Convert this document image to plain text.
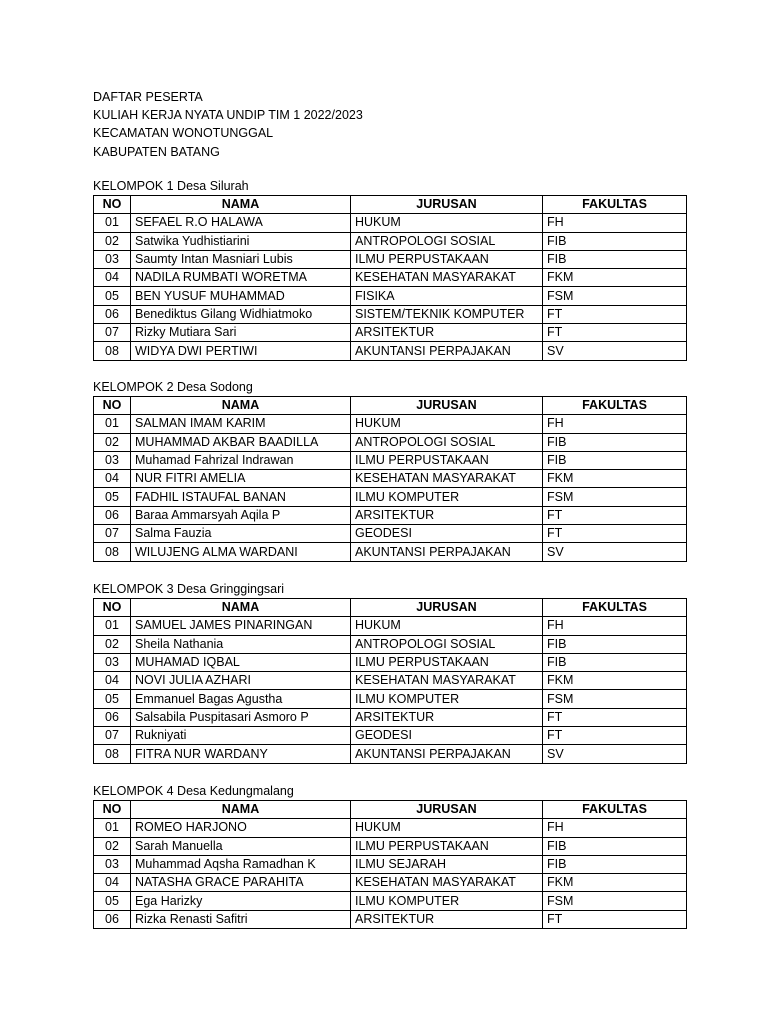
DAFTAR PESERTA
KULIAH KERJA NYATA UNDIP TIM 1 2022/2023
KECAMATAN WONOTUNGGAL
KABUPATEN BATANG
KELOMPOK 1 Desa Silurah
NO	NAMA	JURUSAN	FAKULTAS
01	SEFAEL R.O HALAWA	HUKUM	FH
02	Satwika Yudhistiarini	ANTROPOLOGI SOSIAL	FIB
03	Saumty Intan Masniari Lubis	ILMU PERPUSTAKAAN	FIB
04	NADILA RUMBATI WORETMA	KESEHATAN MASYARAKAT	FKM
05	BEN YUSUF MUHAMMAD	FISIKA	FSM
06	Benediktus Gilang Widhiatmoko	SISTEM/TEKNIK KOMPUTER	FT
07	Rizky Mutiara Sari	ARSITEKTUR	FT
08	WIDYA DWI PERTIWI	AKUNTANSI PERPAJAKAN	SV
KELOMPOK 2 Desa Sodong
NO	NAMA	JURUSAN	FAKULTAS
01	SALMAN IMAM KARIM	HUKUM	FH
02	MUHAMMAD AKBAR BAADILLA	ANTROPOLOGI SOSIAL	FIB
03	Muhamad Fahrizal Indrawan	ILMU PERPUSTAKAAN	FIB
04	NUR FITRI AMELIA	KESEHATAN MASYARAKAT	FKM
05	FADHIL ISTAUFAL BANAN	ILMU KOMPUTER	FSM
06	Baraa Ammarsyah Aqila P	ARSITEKTUR	FT
07	Salma Fauzia	GEODESI	FT
08	WILUJENG ALMA WARDANI	AKUNTANSI PERPAJAKAN	SV
KELOMPOK 3 Desa Gringgingsari
NO	NAMA	JURUSAN	FAKULTAS
01	SAMUEL JAMES PINARINGAN	HUKUM	FH
02	Sheila Nathania	ANTROPOLOGI SOSIAL	FIB
03	MUHAMAD IQBAL	ILMU PERPUSTAKAAN	FIB
04	NOVI JULIA AZHARI	KESEHATAN MASYARAKAT	FKM
05	Emmanuel Bagas Agustha	ILMU KOMPUTER	FSM
06	Salsabila Puspitasari Asmoro P	ARSITEKTUR	FT
07	Rukniyati	GEODESI	FT
08	FITRA NUR WARDANY	AKUNTANSI PERPAJAKAN	SV
KELOMPOK 4 Desa Kedungmalang
NO	NAMA	JURUSAN	FAKULTAS
01	ROMEO HARJONO	HUKUM	FH
02	Sarah Manuella	ILMU PERPUSTAKAAN	FIB
03	Muhammad Aqsha Ramadhan K	ILMU SEJARAH	FIB
04	NATASHA GRACE PARAHITA	KESEHATAN MASYARAKAT	FKM
05	Ega Harizky	ILMU KOMPUTER	FSM
06	Rizka Renasti Safitri	ARSITEKTUR	FT
